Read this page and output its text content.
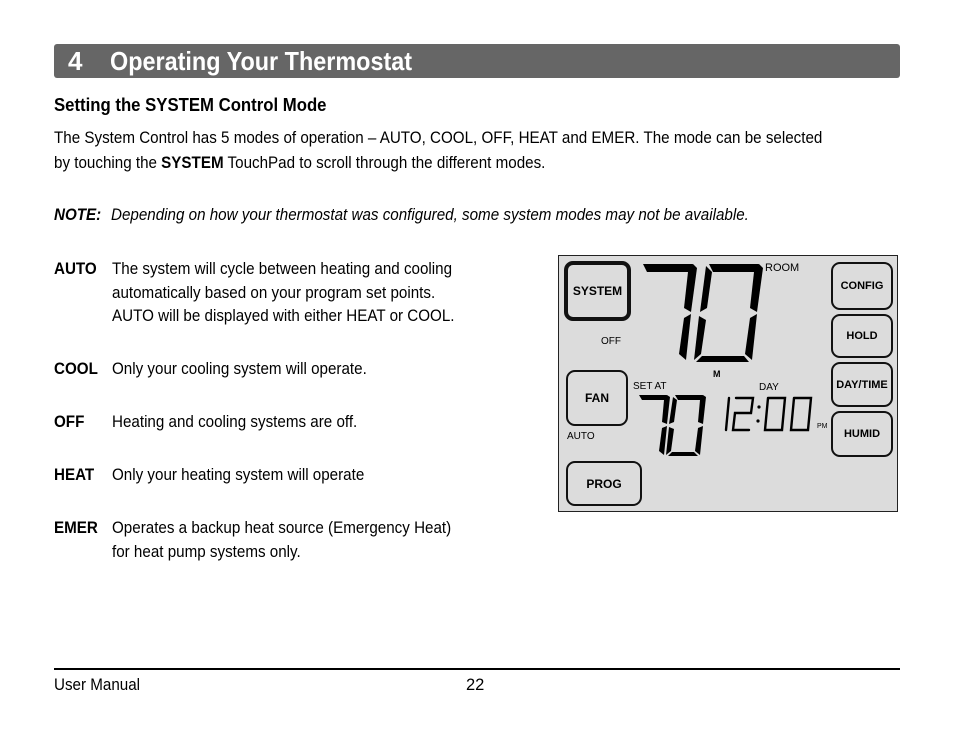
4 Operating Your Thermostat
Setting the SYSTEM Control Mode
The System Control has 5 modes of operation – AUTO, COOL, OFF, HEAT and EMER. The mode can be selected
by touching the SYSTEM TouchPad to scroll through the different modes.
NOTE: Depending on how your thermostat was configured, some system modes may not be available.
AUTO The system will cycle between heating and cooling
automatically based on your program set points.
AUTO will be displayed with either HEAT or COOL.
COOL Only your cooling system will operate.
OFF Heating and cooling systems are off.
HEAT Only your heating system will operate
EMER Operates a backup heat source (Emergency Heat)
for heat pump systems only.
SYSTEM
OFF
FAN
AUTO
PROG
CONFIG
HOLD
DAY/TIME
HUMID
ROOM
M
SET AT	DAY
PM
User Manual	22
